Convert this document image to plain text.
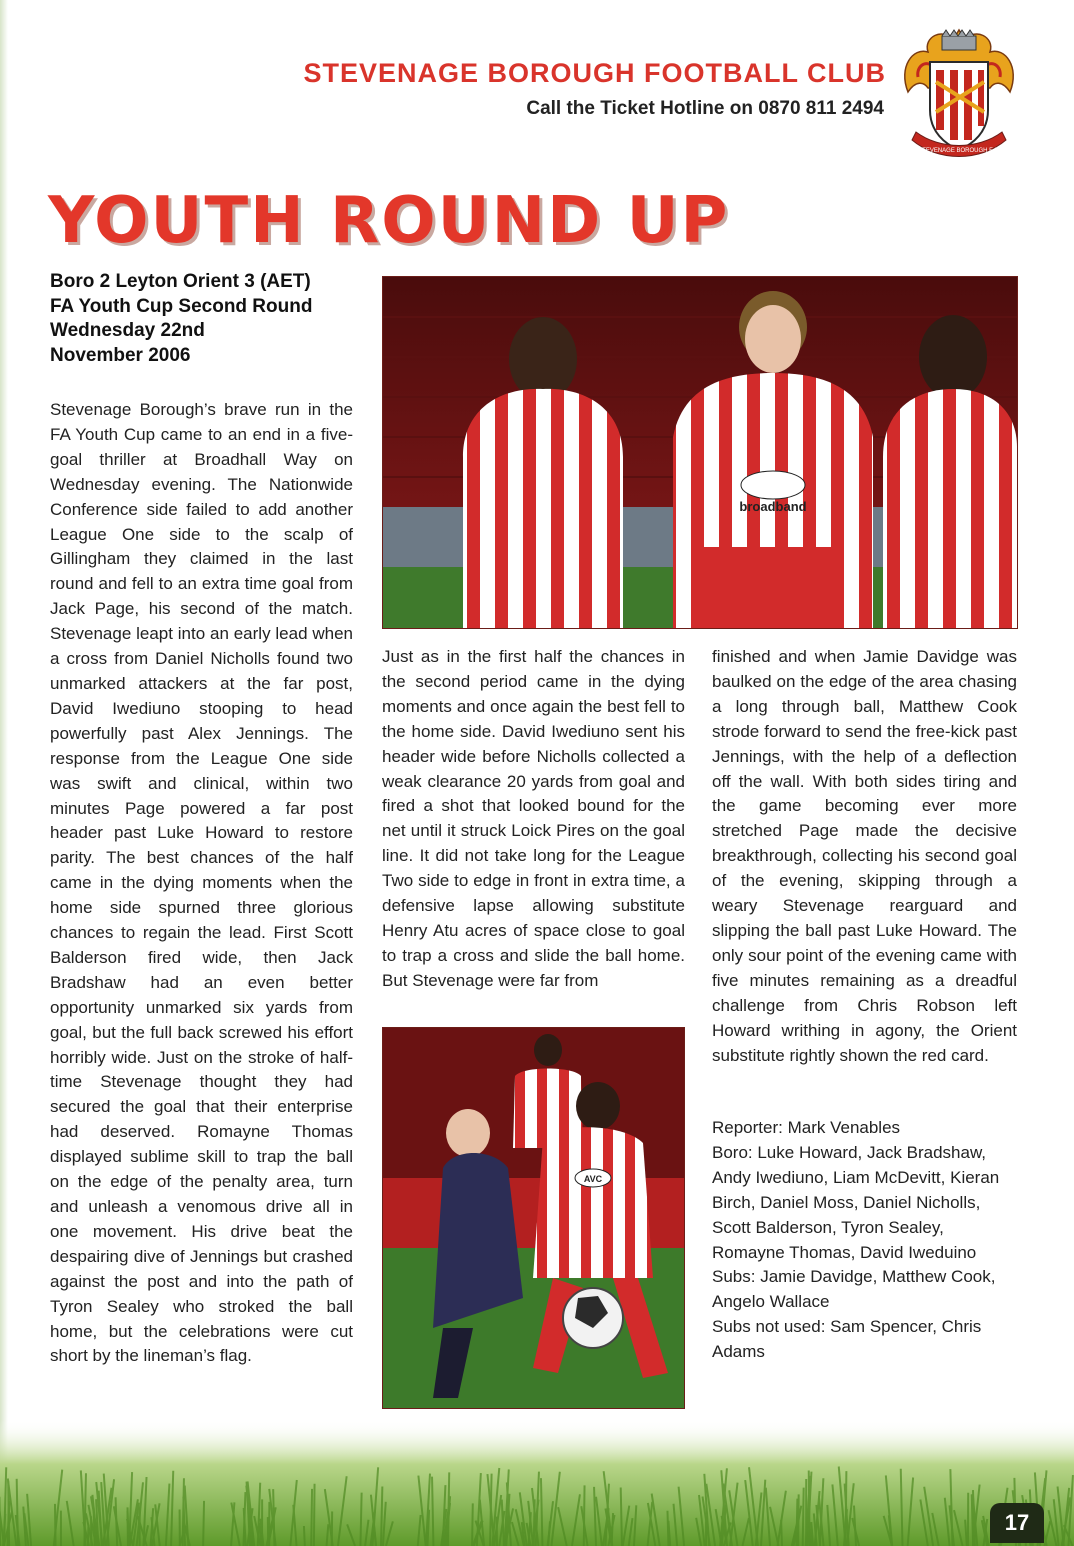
STEVENAGE BOROUGH FOOTBALL CLUB
Call the Ticket Hotline on 0870 811 2494
STEVENAGE BOROUGH F.C.
YOUTH ROUND UP
Boro 2 Leyton Orient 3 (AET)
FA Youth Cup Second Round
Wednesday 22nd
November 2006

Stevenage Borough’s brave run in the FA Youth Cup came to an end in a five-goal thriller at Broadhall Way on Wednesday evening. The Nationwide Conference side failed to add another League One side to the scalp of Gillingham they claimed in the last round and fell to an extra time goal from Jack Page, his second of the match. Stevenage leapt into an early lead when a cross from Daniel Nicholls found two unmarked attackers at the far post, David Iwediuno stooping to head powerfully past Alex Jennings. The response from the League One side was swift and clinical, within two minutes Page powered a far post header past Luke Howard to restore parity. The best chances of the half came in the dying moments when the home side spurned three glorious chances to regain the lead. First Scott Balderson fired wide, then Jack Bradshaw had an even better opportunity unmarked six yards from goal, but the full back screwed his effort horribly wide. Just on the stroke of half-time Stevenage thought they had secured the goal that their enterprise had deserved. Romayne Thomas displayed sublime skill to trap the ball on the edge of the penalty area, turn and unleash a venomous drive all in one movement. His drive beat the despairing dive of Jennings but crashed against the post and into the path of Tyron Sealey who stroked the ball home, but the celebrations were cut short by the lineman’s flag.

broadband

Just as in the first half the chances in the second period came in the dying moments and once again the best fell to the home side. David Iwediuno sent his header wide before Nicholls collected a weak clearance 20 yards from goal and fired a shot that looked bound for the net until it struck Loick Pires on the goal line. It did not take long for the League Two side to edge in front in extra time, a defensive lapse allowing substitute Henry Atu acres of space close to goal to trap a cross and slide the ball home. But Stevenage were far from

AVC

finished and when Jamie Davidge was baulked on the edge of the area chasing a long through ball, Matthew Cook strode forward to send the free-kick past Jennings, with the help of a deflection off the wall. With both sides tiring and the game becoming ever more stretched Page made the decisive breakthrough, collecting his second goal of the evening, skipping through a weary Stevenage rearguard and slipping the ball past Luke Howard. The only sour point of the evening came with five minutes remaining as a dreadful challenge from Chris Robson left Howard writhing in agony, the Orient substitute rightly shown the red card.

Reporter: Mark Venables

Boro: Luke Howard, Jack Bradshaw, Andy Iwediuno, Liam McDevitt, Kieran Birch, Daniel Moss, Daniel Nicholls, Scott Balderson, Tyron Sealey, Romayne Thomas, David Iweduino

Subs: Jamie Davidge, Matthew Cook, Angelo Wallace

Subs not used: Sam Spencer, Chris Adams

17
